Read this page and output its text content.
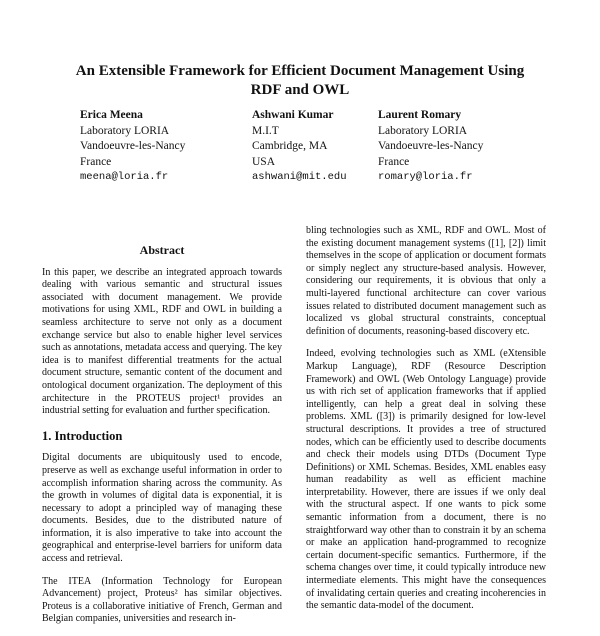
An Extensible Framework for Efficient Document Management Using RDF and OWL
Erica Meena
Laboratory LORIA
Vandoeuvre-les-Nancy
France
meena@loria.fr
Ashwani Kumar
M.I.T
Cambridge, MA
USA
ashwani@mit.edu
Laurent Romary
Laboratory LORIA
Vandoeuvre-les-Nancy
France
romary@loria.fr
Abstract

In this paper, we describe an integrated approach towards dealing with various semantic and structural issues associated with document management. We provide motivations for using XML, RDF and OWL in building a seamless architecture to serve not only as a document exchange service but also to enable higher level services such as annotations, metadata access and querying. The key idea is to manifest differential treatments for the actual document structure, semantic content of the document and ontological document organization. The deployment of this architecture in the PROTEUS project¹ provides an industrial setting for evaluation and further specification.

1. Introduction

Digital documents are ubiquitously used to encode, preserve as well as exchange useful information in order to accomplish information sharing across the community. As the growth in volumes of digital data is exponential, it is necessary to adopt a principled way of managing these documents. Besides, due to the distributed nature of information, it is also imperative to take into account the geographical and enterprise-level barriers for uniform data access and retrieval.

The ITEA (Information Technology for European Advancement) project, Proteus² has similar objectives. Proteus is a collaborative initiative of French, German and Belgian companies, universities and research in-

bling technologies such as XML, RDF and OWL. Most of the existing document management systems ([1], [2]) limit themselves in the scope of application or document formats or simply neglect any structure-based analysis. However, considering our requirements, it is obvious that only a multi-layered functional architecture can cover various issues related to distributed document management such as localized vs global structural constraints, conceptual definition of documents, reasoning-based discovery etc.

Indeed, evolving technologies such as XML (eXtensible Markup Language), RDF (Resource Description Framework) and OWL (Web Ontology Language) provide us with rich set of application frameworks that if applied intelligently, can help a great deal in solving these problems. XML ([3]) is primarily designed for low-level structural descriptions. It provides a tree of structured nodes, which can be efficiently used to describe documents and check their models using DTDs (Document Type Definitions) or XML Schemas. Besides, XML enables easy human readability as well as efficient machine interpretability. However, there are issues if we only deal with the structural aspect. If one wants to pick some semantic information from a document, there is no straightforward way other than to constrain it by an schema or make an application hand-programmed to recognize certain document-specific semantics. Furthermore, if the schema changes over time, it could typically introduce new intermediate elements. This might have the consequences of invalidating certain queries and creating incoherencies in the semantic data-model of the document.
